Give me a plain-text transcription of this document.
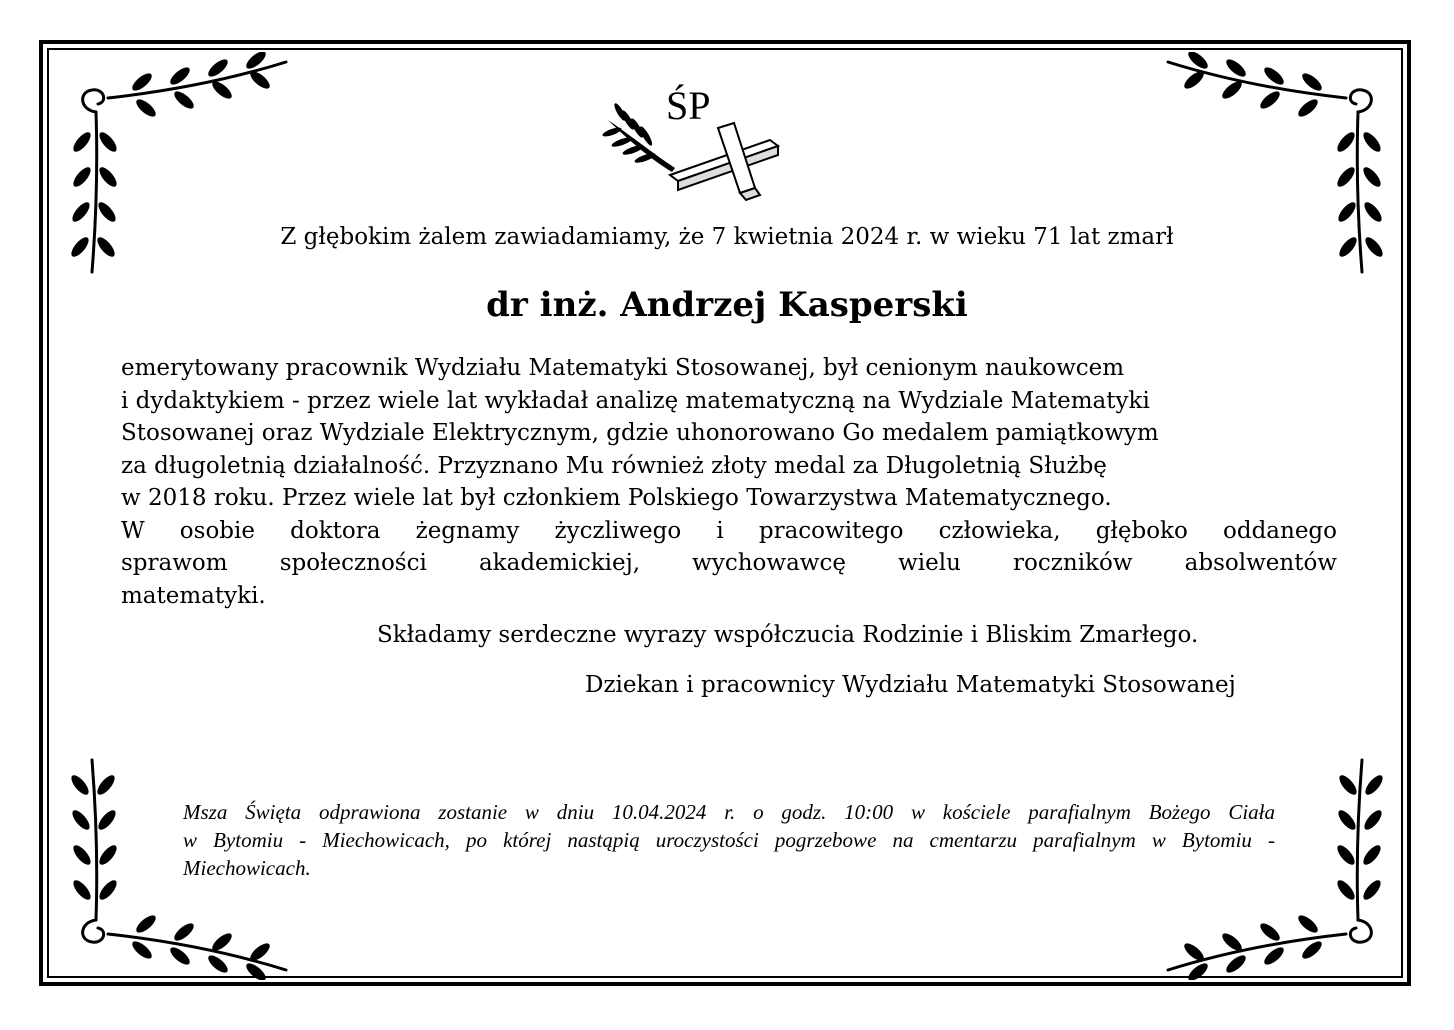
ŚP
Z głębokim żalem zawiadamiamy, że 7 kwietnia 2024 r. w wieku 71 lat zmarł
dr inż. Andrzej Kasperski
emerytowany pracownik Wydziału Matematyki Stosowanej, był cenionym naukowcem
i dydaktykiem - przez wiele lat wykładał analizę matematyczną na Wydziale Matematyki
Stosowanej oraz Wydziale Elektrycznym, gdzie uhonorowano Go medalem pamiątkowym
za długoletnią działalność. Przyznano Mu również złoty medal za Długoletnią Służbę
w 2018 roku. Przez wiele lat był członkiem Polskiego Towarzystwa Matematycznego.
W osobie doktora żegnamy życzliwego i pracowitego człowieka, głęboko oddanego
sprawom społeczności akademickiej, wychowawcę wielu roczników absolwentów
matematyki.
Składamy serdeczne wyrazy współczucia Rodzinie i Bliskim Zmarłego.
Dziekan i pracownicy Wydziału Matematyki Stosowanej
Msza Święta odprawiona zostanie w dniu 10.04.2024 r. o godz. 10:00 w kościele parafialnym Bożego Ciała
w Bytomiu - Miechowicach, po której nastąpią uroczystości pogrzebowe na cmentarzu parafialnym w Bytomiu -
Miechowicach.
